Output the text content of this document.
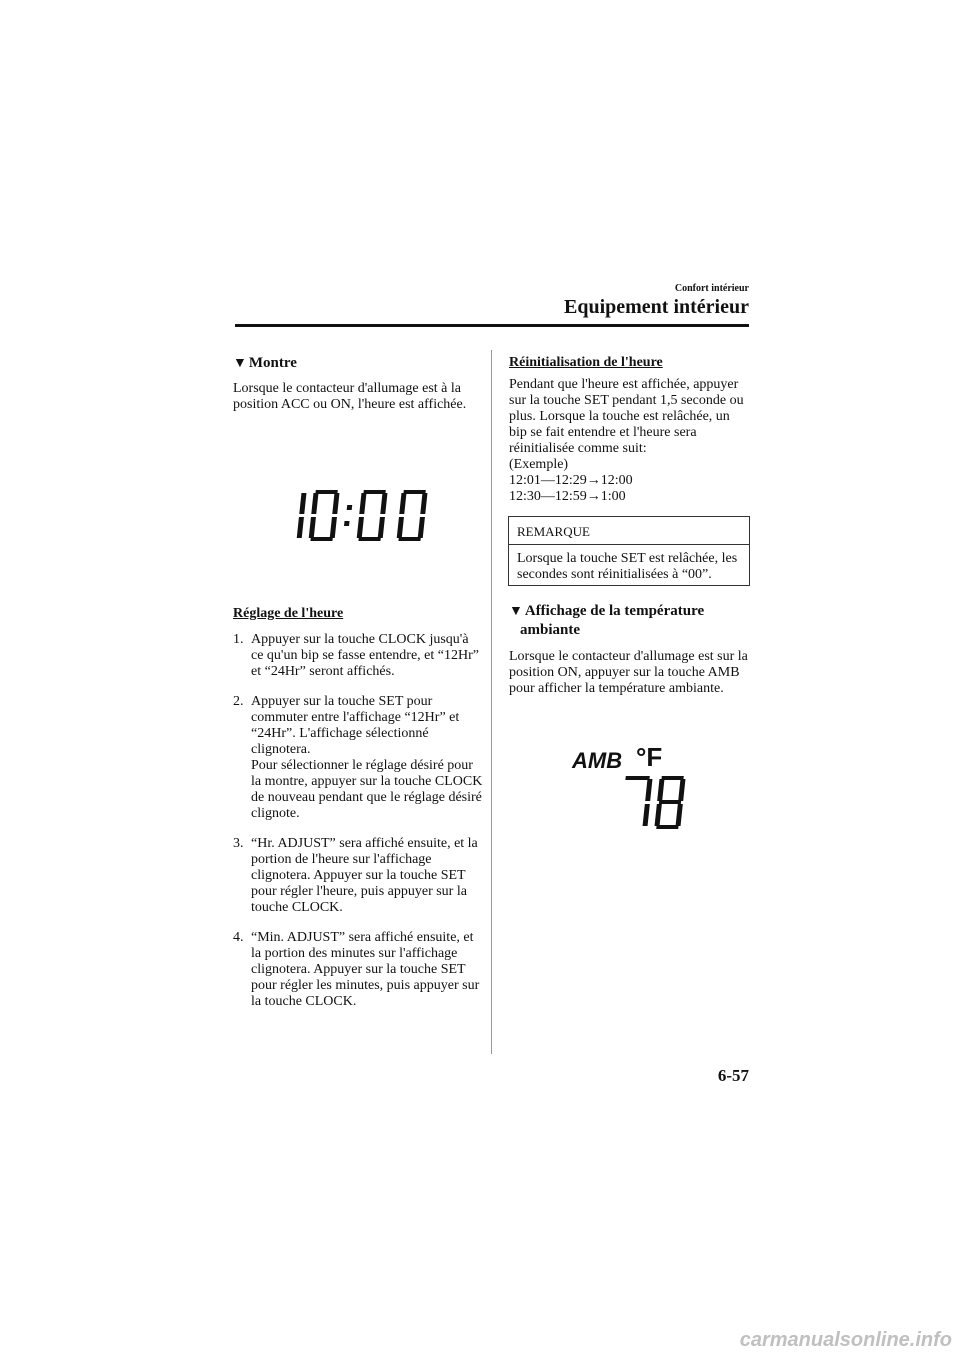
Confort intérieur
Equipement intérieur
▼ Montre

Lorsque le contacteur d'allumage est à la position ACC ou ON, l'heure est affichée.

Réglage de l'heure
1. Appuyer sur la touche CLOCK jusqu'à ce qu'un bip se fasse entendre, et “12Hr” et “24Hr” seront affichés.
2. Appuyer sur la touche SET pour commuter entre l'affichage “12Hr” et “24Hr”. L'affichage sélectionné clignotera.
Pour sélectionner le réglage désiré pour la montre, appuyer sur la touche CLOCK de nouveau pendant que le réglage désiré clignote.
3. “Hr. ADJUST” sera affiché ensuite, et la portion de l'heure sur l'affichage clignotera. Appuyer sur la touche SET pour régler l'heure, puis appuyer sur la touche CLOCK.
4. “Min. ADJUST” sera affiché ensuite, et la portion des minutes sur l'affichage clignotera. Appuyer sur la touche SET pour régler les minutes, puis appuyer sur la touche CLOCK.
Réinitialisation de l'heure

Pendant que l'heure est affichée, appuyer sur la touche SET pendant 1,5 seconde ou plus. Lorsque la touche est relâchée, un bip se fait entendre et l'heure sera réinitialisée comme suit:

(Exemple)

12:01―12:29→12:00

12:30―12:59→1:00

REMARQUE
Lorsque la touche SET est relâchée, les secondes sont réinitialisées à “00”.
▼ Affichage de la température
ambiante

Lorsque le contacteur d'allumage est sur la position ON, appuyer sur la touche AMB pour afficher la température ambiante.

AMB °F
6-57
carmanualsonline.info
